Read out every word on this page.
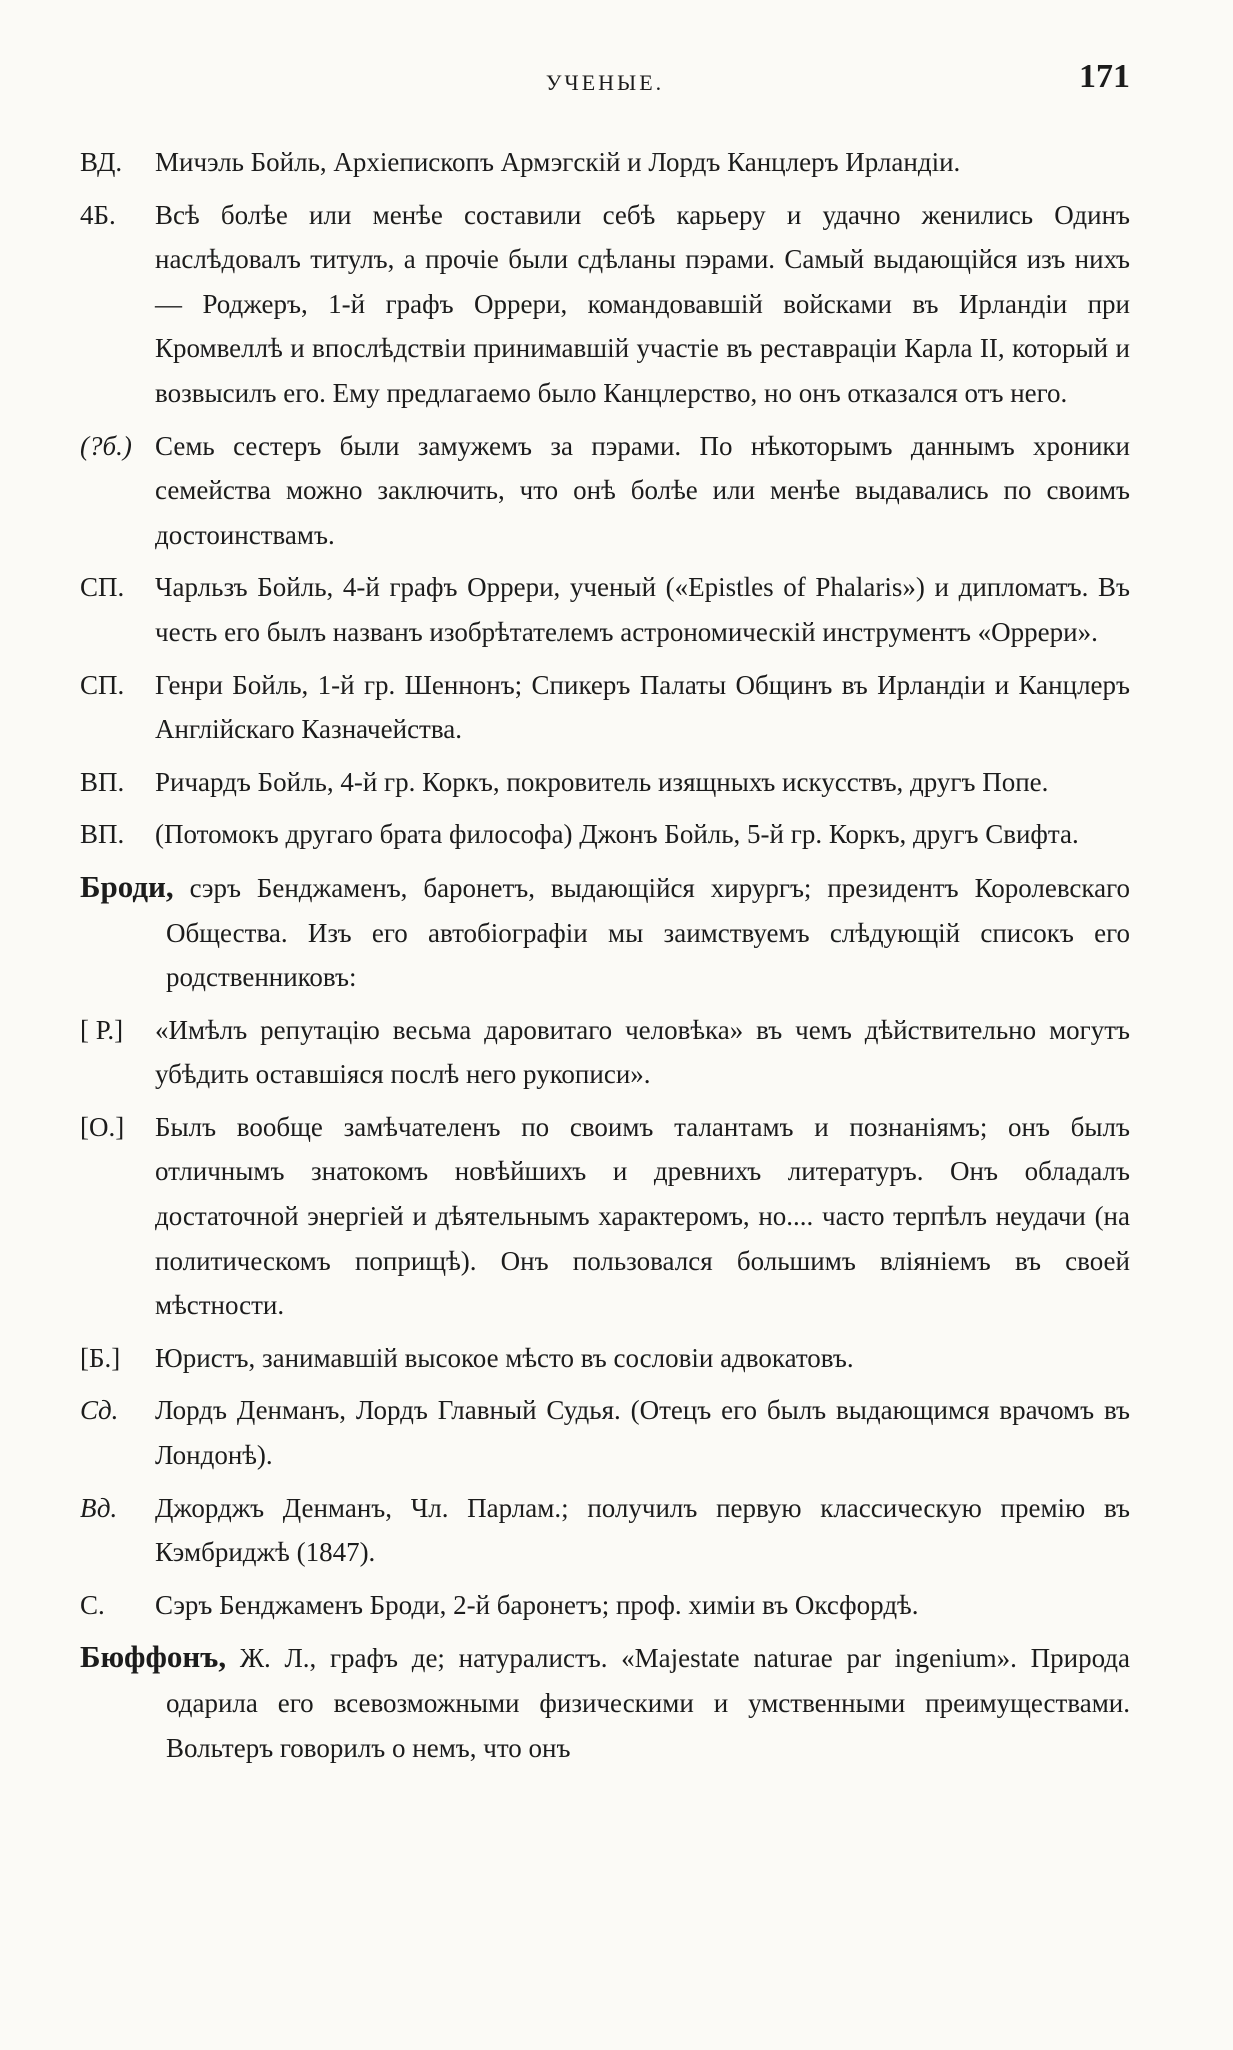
УЧЕНЫЕ.	171
ВД.	Мичэль Бойль, Архіепископъ Армэгскій и Лордъ Канцлеръ Ирландіи.
4Б.	Всѣ болѣе или менѣе составили себѣ карьеру и удачно женились Одинъ наслѣдовалъ титулъ, а прочіе были сдѣланы пэрами. Самый выдающійся изъ нихъ — Роджеръ, 1-й графъ Оррери, командовавшій войсками въ Ирландіи при Кромвеллѣ и впослѣдствіи принимавшій участіе въ реставраціи Карла II, который и возвысилъ его. Ему предлагаемо было Канцлерство, но онъ отказался отъ него.
(?б.) Семь сестеръ были замужемъ за пэрами. По нѣкоторымъ даннымъ хроники семейства можно заключить, что онѣ болѣе или менѣе выдавались по своимъ достоинствамъ.
СП.	Чарльзъ Бойль, 4-й графъ Оррери, ученый («Epistles of Phalaris») и дипломатъ. Въ честь его былъ названъ изобрѣтателемъ астрономическій инструментъ «Оррери».
СП.	Генри Бойль, 1-й гр. Шеннонъ; Спикеръ Палаты Общинъ въ Ирландіи и Канцлеръ Англійскаго Казначейства.
ВП.	Ричардъ Бойль, 4-й гр. Коркъ, покровитель изящныхъ искусствъ, другъ Попе.
ВП.	(Потомокъ другаго брата философа) Джонъ Бойль, 5-й гр. Коркъ, другъ Свифта.
Броди, сэръ Бенджаменъ, баронетъ, выдающійся хирургъ; президентъ Королевскаго Общества. Изъ его автобіографіи мы заимствуемъ слѣдующій списокъ его родственниковъ:
[ Р.]	«Имѣлъ репутацію весьма даровитаго человѣка» въ чемъ дѣйствительно могутъ убѣдить оставшіяся послѣ него рукописи».
[О.]	Былъ вообще замѣчателенъ по своимъ талантамъ и познаніямъ; онъ былъ отличнымъ знатокомъ новѣйшихъ и древнихъ литературъ. Онъ обладалъ достаточной энергіей и дѣятельнымъ характеромъ, но.... часто терпѣлъ неудачи (на политическомъ поприщѣ). Онъ пользовался большимъ вліяніемъ въ своей мѣстности.
[Б.]	Юристъ, занимавшій высокое мѣсто въ сословіи адвокатовъ.
Сд.	Лордъ Денманъ, Лордъ Главный Судья. (Отецъ его былъ выдающимся врачомъ въ Лондонѣ).
Вд.	Джорджъ Денманъ, Чл. Парлам.; получилъ первую классическую премію въ Кэмбриджѣ (1847).
С.	Сэръ Бенджаменъ Броди, 2-й баронетъ; проф. химіи въ Оксфордѣ.
Бюффонъ, Ж. Л., графъ де; натуралистъ. «Majestate naturae par ingenium». Природа одарила его всевозможными физическими и умственными преимуществами. Вольтеръ говорилъ о немъ, что онъ
